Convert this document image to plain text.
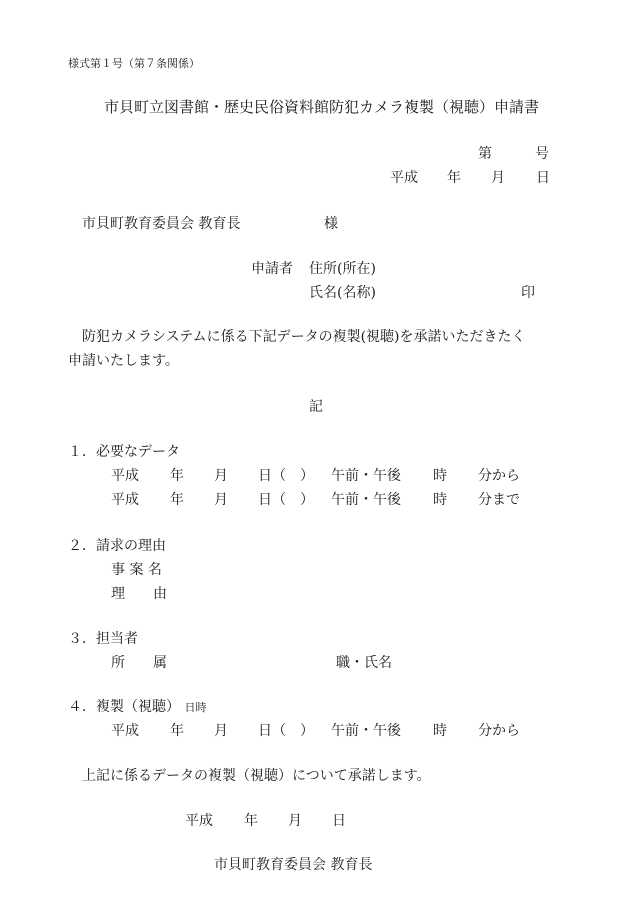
様式第１号（第７条関係）
市貝町立図書館・歴史民俗資料館防犯カメラ複製（視聴）申請書
第	号
平成 年 月 日
市貝町教育委員会 教育長	様
申請者 住所(所在)
氏名(名称)	印
防犯カメラシステムに係る下記データの複製(視聴)を承諾いただきたく
申請いたします。
記
１．必要なデータ
平成 年 月 日（　） 午前・午後 時 分から
平成 年 月 日（　） 午前・午後 時 分まで
２．請求の理由
事 案 名
理　　由
３．担当者
所　　属	職・氏名
４．複製（視聴） 日時
平成 年 月 日（　） 午前・午後 時 分から
上記に係るデータの複製（視聴）について承諾します。
平成 年 月 日
市貝町教育委員会 教育長
